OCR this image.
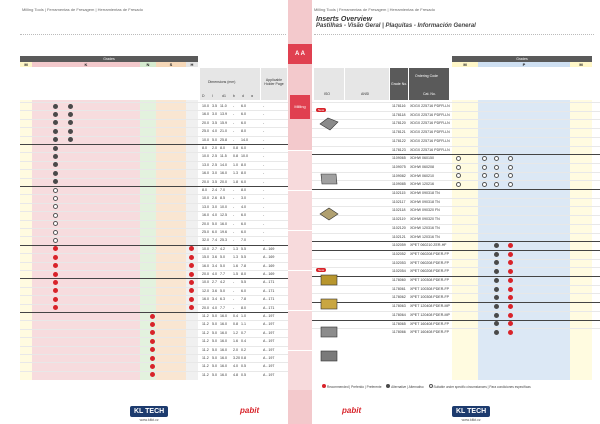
Milling Tools | Ferramentas de Fresagem | Herramientas de Fresado
Grades
M	K	N	S	H
Dimensions (mm)
D l	d1 b d α
Applicable Holder Page
10.0 3.5 11.0 - 6.0	-
16.0 3.0 13.9 - 6.0	-
20.0 3.5 15.9 - 6.0	-
25.0 4.0 21.0 - 8.0	-
10.0 5.0 25.8 - 14.0	-
8.0 2.0 8.0 0.8 6.0	-
10.0 2.5 11.5 0.8 10.0	-
13.0 2.5 14.0 1.0 8.0	-
16.0 3.0 16.0 1.3 8.0	-
20.0 3.5 20.0 1.8 6.0	-
8.0 2.4 7.0 - 8.0	-
10.0 2.6 8.5 - 3.0	-
13.0 3.0 10.0 - 4.0	-
16.0 4.0 12.5 - 6.0	-
20.0 5.0 16.0 - 6.0	-
25.0 6.0 19.6 - 6.0	-
32.0 7.4 25.3 - 7.0	-
10.0 2.7 4.2 1.3 5.5	A - 169
15.0 3.6 5.0 1.3 5.5	A - 169
16.0 3.4 5.0 1.6 7.8	A - 169
20.0 4.0 7.7 1.5 8.0	A - 169
10.0 2.7 4.2 - 5.5	A - 171
12.0 3.6 5.0 - 6.0	A - 171
16.0 3.4 6.3 - 7.8	A - 171
20.0 4.0 7.7 - 8.0	A - 171
11.2 5.0 16.0 0.4 1.0	A - 197
11.2 5.0 16.0 0.8 1.1	A - 197
11.2 5.0 16.0 1.2 0.7	A - 197
11.2 5.0 16.0 1.6 0.4	A - 197
11.2 5.0 16.0 2.0 0.2	A - 197
11.2 5.0 16.0 3.20 0.8	A - 197
11.2 5.0 16.0 4.0 0.5	A - 197
11.2 5.0 16.0 4.8 0.5	A - 197
KL TECH
www.kltkt.cz
pabit
A A
Milling
Milling Tools | Ferramentas de Fresagem | Herramientas de Fresado
Inserts Overview
Pastilhas - Visão Geral | Plaquitas - Información General
ISO	ANSI
Grade No.
Ordering Code
Cat. No.
Grades
M	P	M
1178116 XDGX 225716 PDFR-LN
1178118 XDGX 225716 PDFR-LN
1178120 XDGX 225716 PDFR-LN
1178121 XDGX 225716 PDFR-LN
1178122 XDGX 225716 PDFR-LN
1178123 XDGX 225716 PDFR-LN
1109065 XDHW 060150
1109075 XDHW 060208
1109082 XDHW 060210
1109085 XDHW 120216
1102115 XDHW 090318 TN
1102117 XDHW 090318 TN
1102118 XDHW 090320 FN
1102119 XDHW 090320 TN
1102120 XDHW 120316 TN
1102121 XDHW 120316 TN
1102059 XPET 060210 ZER-HF
1102052 XPET 060208 PDER-FP
1102053 XPET 060208 PDER-FP
1102054 XPET 060208 PDER-FP
1178060 XPET 100308 PDER-FP
1178061 XPET 100308 PDER-FP
1178062 XPET 100308 PDER-FP
1178063 XPET 120408 PDER-MP
1178064 XPET 120408 PDER-MP
1178065 XPET 160408 PDER-FP
1178066 XPET 160408 PDER-FP
New
New
Recommended | Preferido | Preferente	Alternative | Alternativo	Suitable under specific circumstances | Para condiciones específicas
pabit	KL TECH
www.kltkt.cz
